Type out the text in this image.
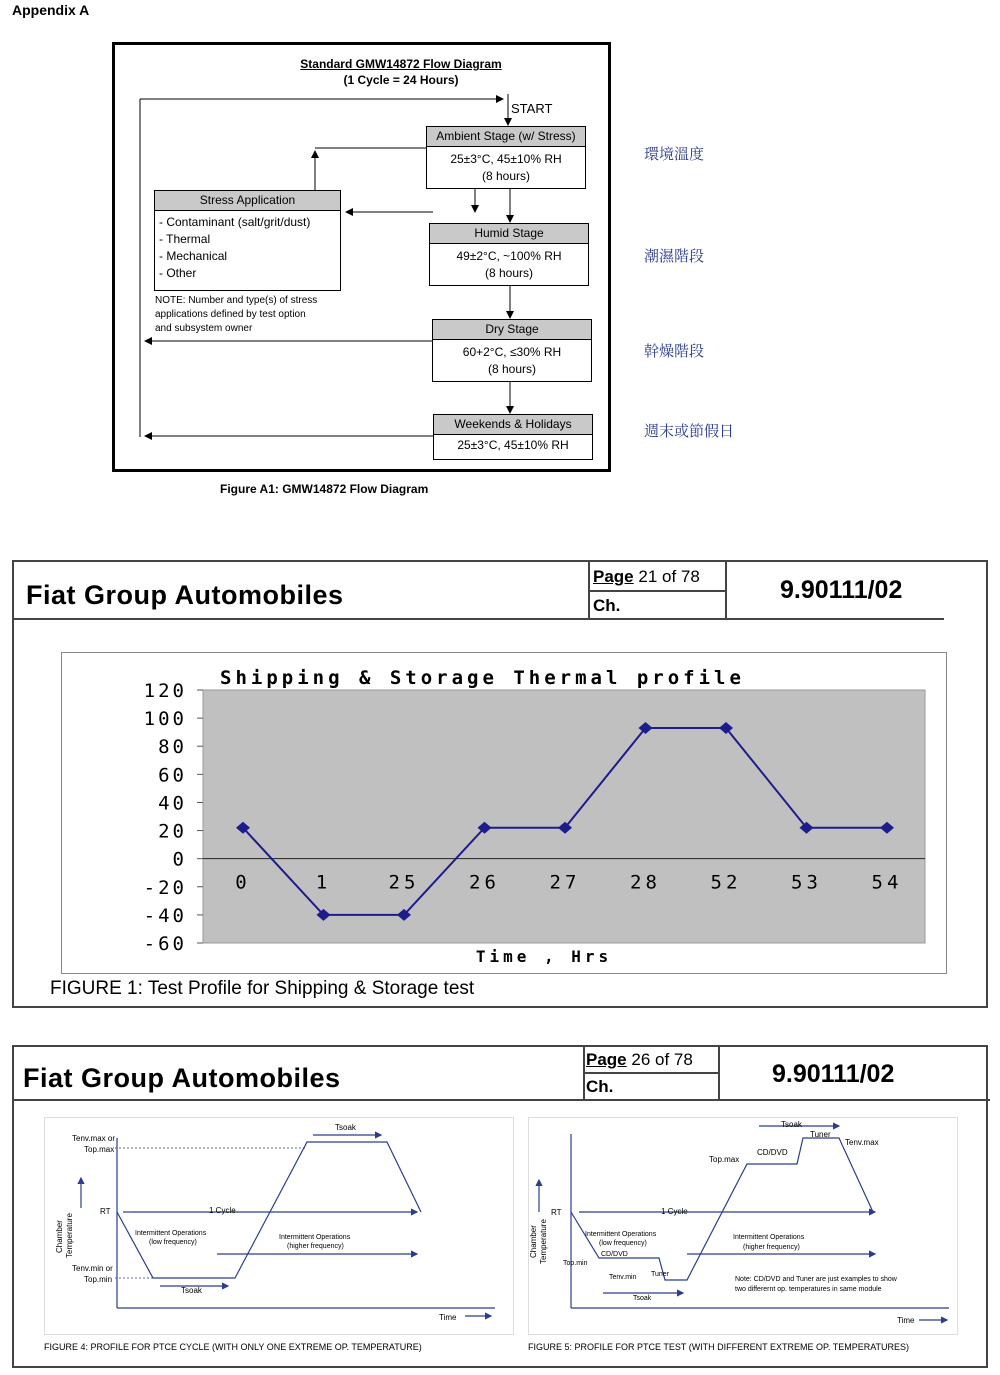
Appendix A
Standard GMW14872 Flow Diagram
(1 Cycle = 24 Hours)
START
Ambient Stage (w/ Stress)
25±3°C, 45±10% RH
(8 hours)
Humid Stage
49±2°C, ~100% RH
(8 hours)
Dry Stage
60+2°C, ≤30% RH
(8 hours)
Weekends & Holidays
25±3°C, 45±10% RH
Stress Application
- Contaminant (salt/grit/dust)
- Thermal
- Mechanical
- Other
NOTE: Number and type(s) of stress
applications defined by test option
and subsystem owner
環境溫度
潮濕階段
幹燥階段
週末或節假日
Figure A1: GMW14872 Flow Diagram
Fiat Group Automobiles
Page 21 of 78
Ch.
9.90111/02
Shipping & Storage Thermal profile
120
100
80
60
40
20
0
-20
-40
-60
0	1	25	26	27	28	52	53	54
Time , Hrs
FIGURE 1: Test Profile for Shipping & Storage test
Fiat Group Automobiles
Page 26 of 78
Ch.	9.90111/02
Tenv.max or
Top.max
Tenv.min or
Top.min
RT
Chamber Temperature
1 Cycle
Tsoak
Tsoak
Intermittent Operations
(low frequency)
Intermittent Operations
(higher frequency)
Time
FIGURE 4: PROFILE FOR PTCE CYCLE (WITH ONLY ONE EXTREME OP. TEMPERATURE)
Tsoak
Tuner
Tenv.max
Top.max
CD/DVD
RT
Chamber Temperature
1 Cycle
Intermittent Operations
(low frequency)
CD/DVD
Top.min
Intermittent Operations
(higher frequency)
Tenv.min Tuner
Tsoak
Note: CD/DVD and Tuner are just examples to show
two differernt op. temperatures in same module
Time
FIGURE 5: PROFILE FOR PTCE TEST (WITH DIFFERENT EXTREME OP. TEMPERATURES)
